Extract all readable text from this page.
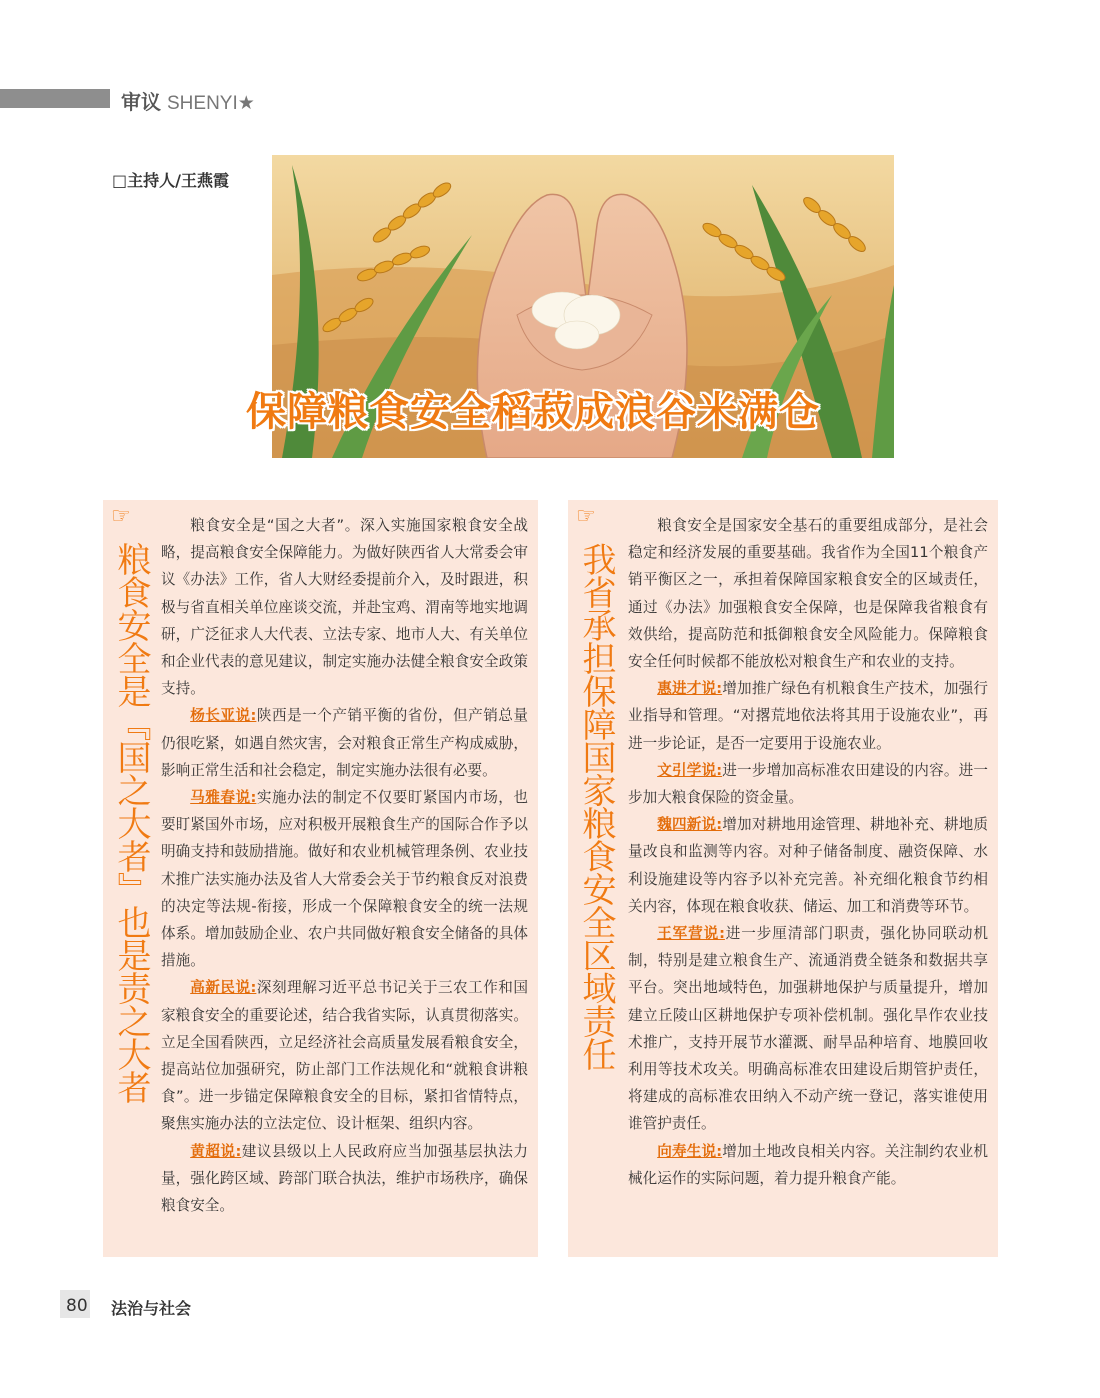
审议 SHENYI★
□主持人/王燕霞
保障粮食安全稻菽成浪谷米满仓
☞
粮食安全是『国之大者』也是责之大者

粮食安全是“国之大者”。深入实施国家粮食安全战略，提高粮食安全保障能力。为做好陕西省人大常委会审议《办法》工作，省人大财经委提前介入，及时跟进，积极与省直相关单位座谈交流，并赴宝鸡、渭南等地实地调研，广泛征求人大代表、立法专家、地市人大、有关单位和企业代表的意见建议，制定实施办法健全粮食安全政策支持。

杨长亚说:陕西是一个产销平衡的省份，但产销总量仍很吃紧，如遇自然灾害，会对粮食正常生产构成威胁，影响正常生活和社会稳定，制定实施办法很有必要。

马雅春说:实施办法的制定不仅要盯紧国内市场，也要盯紧国外市场，应对积极开展粮食生产的国际合作予以明确支持和鼓励措施。做好和农业机械管理条例、农业技术推广法实施办法及省人大常委会关于节约粮食反对浪费的决定等法规-衔接，形成一个保障粮食安全的统一法规体系。增加鼓励企业、农户共同做好粮食安全储备的具体措施。

高新民说:深刻理解习近平总书记关于三农工作和国家粮食安全的重要论述，结合我省实际，认真贯彻落实。立足全国看陕西，立足经济社会高质量发展看粮食安全，提高站位加强研究，防止部门工作法规化和“就粮食讲粮食”。进一步锚定保障粮食安全的目标，紧扣省情特点，聚焦实施办法的立法定位、设计框架、组织内容。

黄超说:建议县级以上人民政府应当加强基层执法力量，强化跨区域、跨部门联合执法，维护市场秩序，确保粮食安全。

☞
我省承担保障国家粮食安全区域责任

粮食安全是国家安全基石的重要组成部分，是社会稳定和经济发展的重要基础。我省作为全国11个粮食产销平衡区之一，承担着保障国家粮食安全的区域责任，通过《办法》加强粮食安全保障，也是保障我省粮食有效供给，提高防范和抵御粮食安全风险能力。保障粮食安全任何时候都不能放松对粮食生产和农业的支持。

惠进才说:增加推广绿色有机粮食生产技术，加强行业指导和管理。“对撂荒地依法将其用于设施农业”，再进一步论证，是否一定要用于设施农业。

文引学说:进一步增加高标准农田建设的内容。进一步加大粮食保险的资金量。

魏四新说:增加对耕地用途管理、耕地补充、耕地质量改良和监测等内容。对种子储备制度、融资保障、水利设施建设等内容予以补充完善。补充细化粮食节约相关内容，体现在粮食收获、储运、加工和消费等环节。

王军营说:进一步厘清部门职责，强化协同联动机制，特别是建立粮食生产、流通消费全链条和数据共享平台。突出地域特色，加强耕地保护与质量提升，增加建立丘陵山区耕地保护专项补偿机制。强化旱作农业技术推广，支持开展节水灌溉、耐旱品种培育、地膜回收利用等技术攻关。明确高标准农田建设后期管护责任，将建成的高标准农田纳入不动产统一登记，落实谁使用谁管护责任。

向寿生说:增加土地改良相关内容。关注制约农业机械化运作的实际问题，着力提升粮食产能。

80 法治与社会
